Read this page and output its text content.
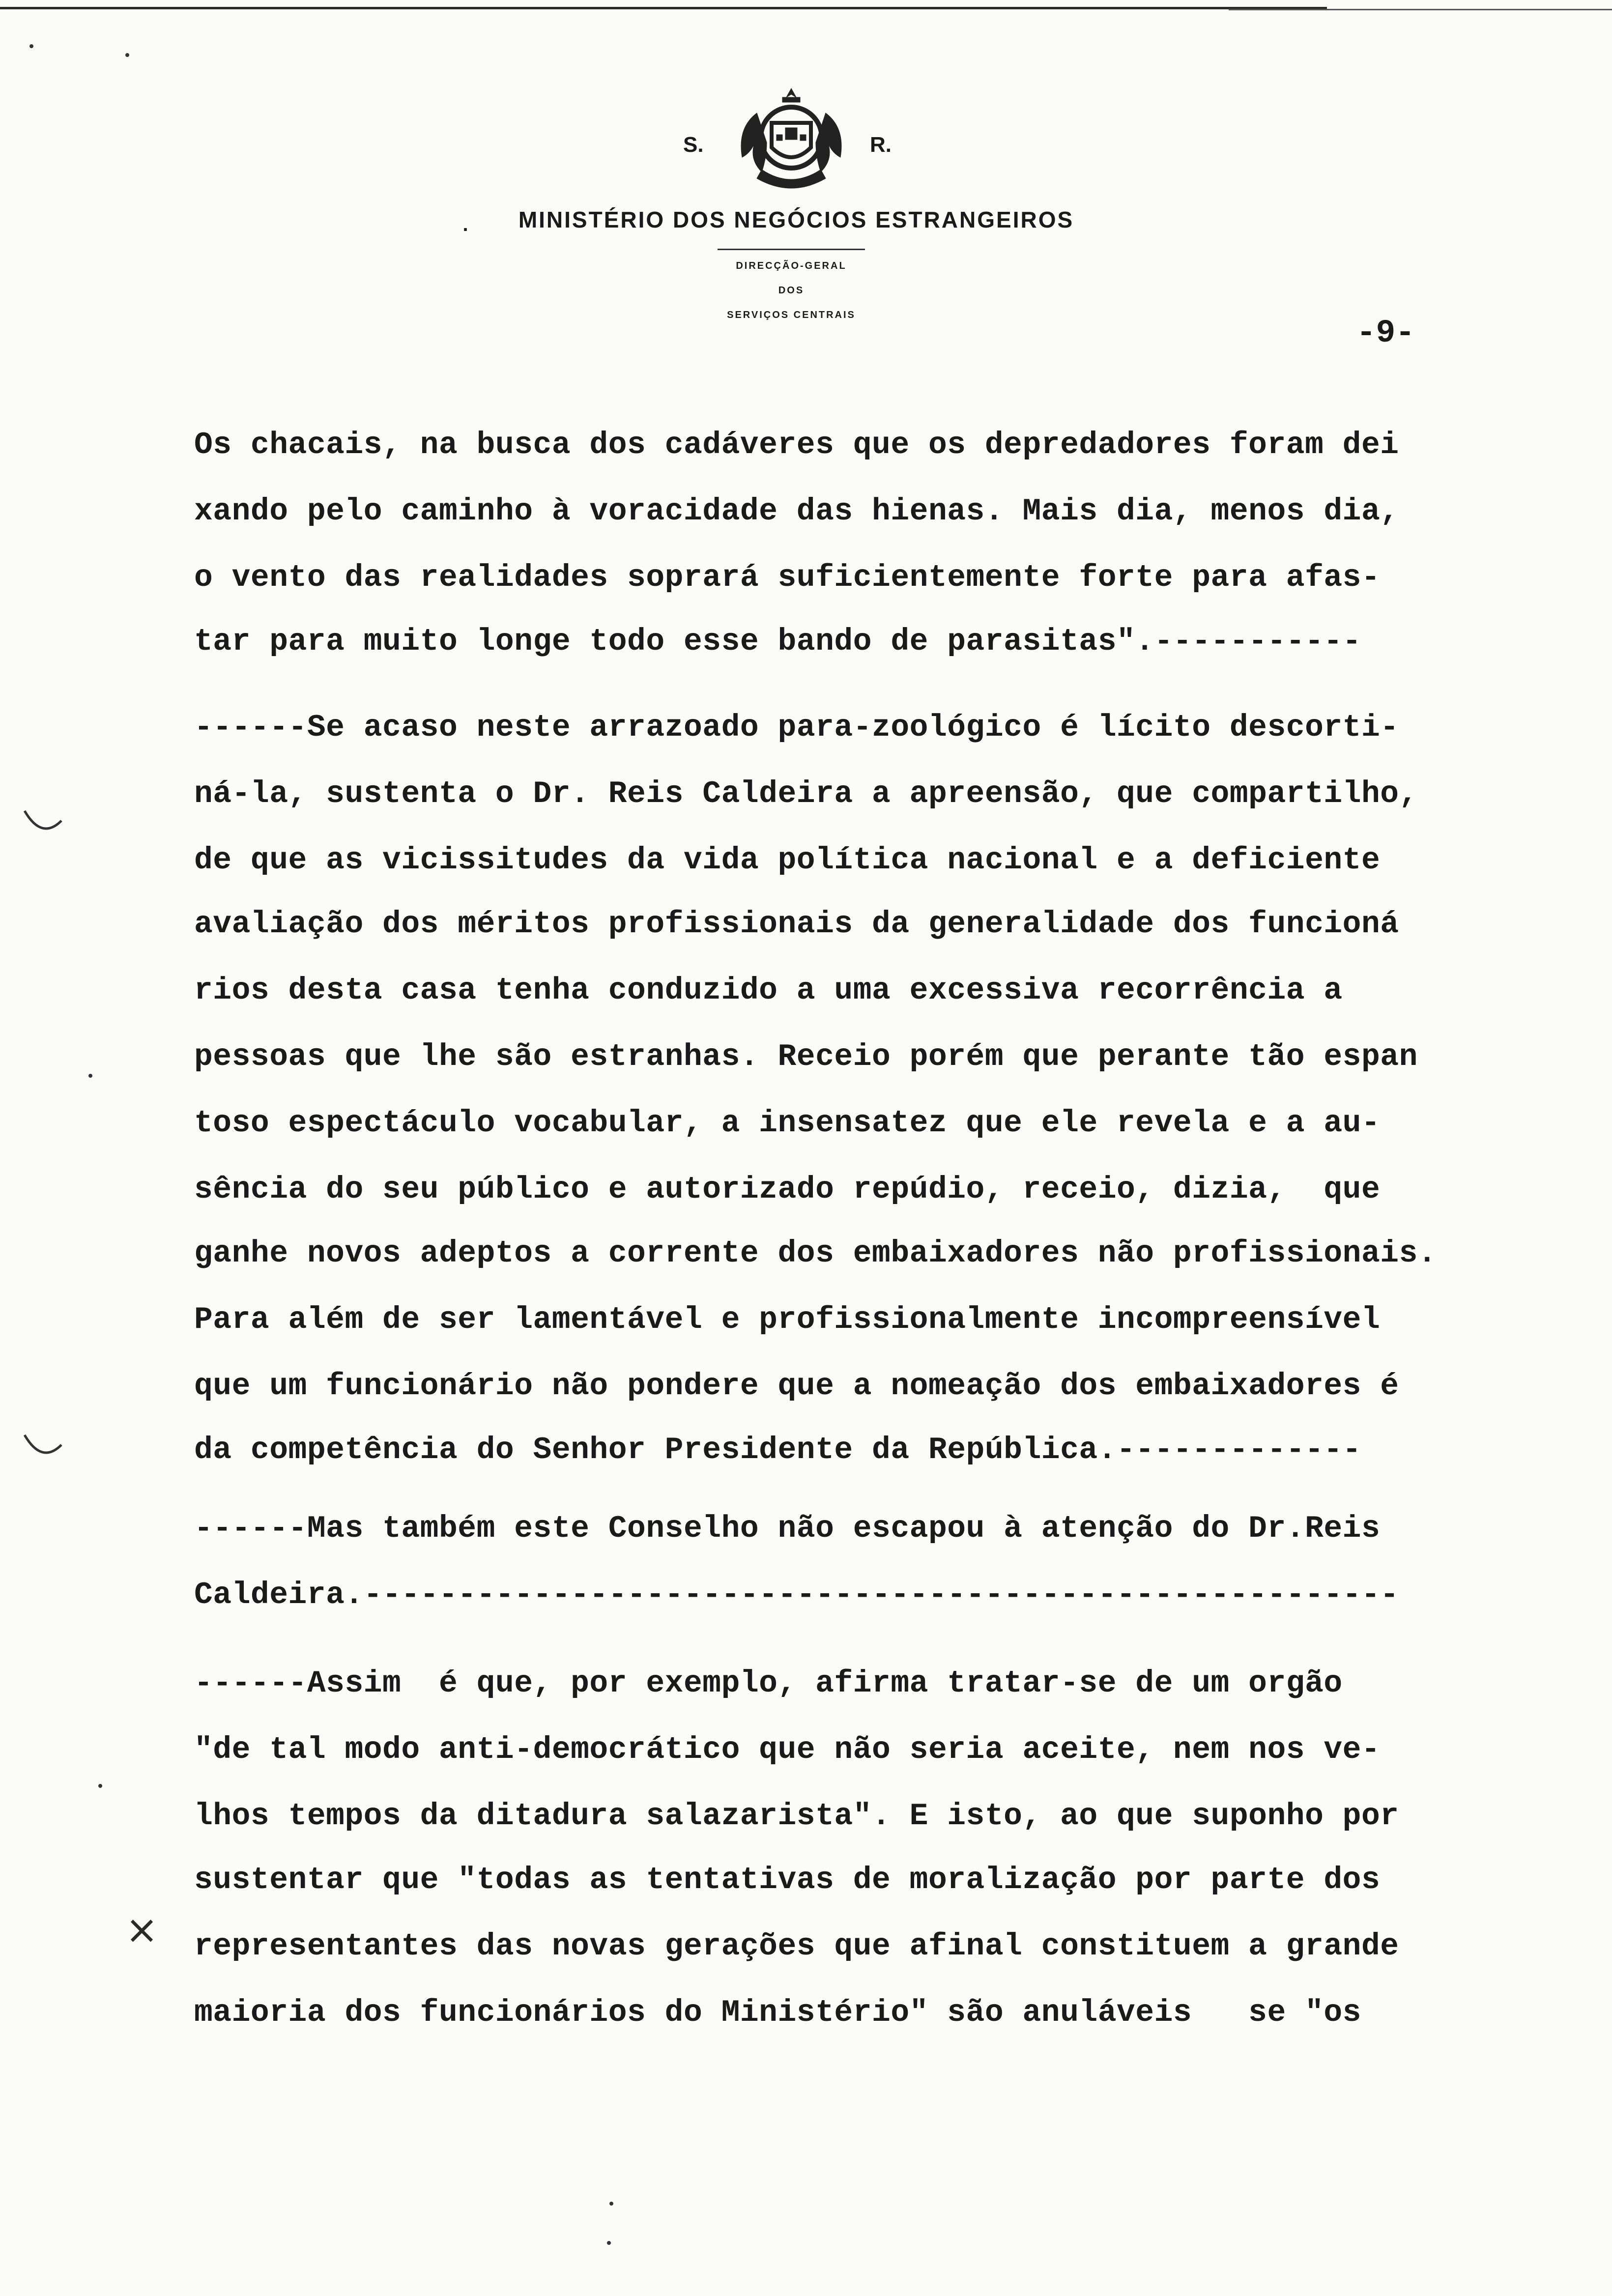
S.	R.
.	MINISTÉRIO DOS NEGÓCIOS ESTRANGEIROS
DIRECÇÃO-GERAL
DOS
SERVIÇOS CENTRAIS	-9-
Os chacais, na busca dos cadáveres que os depredadores foram dei
xando pelo caminho à voracidade das hienas. Mais dia, menos dia,
o vento das realidades soprará suficientemente forte para afas-
tar para muito longe todo esse bando de parasitas".-----------
------Se acaso neste arrazoado para-zoológico é lícito descorti-
ná-la, sustenta o Dr. Reis Caldeira a apreensão, que compartilho,
de que as vicissitudes da vida política nacional e a deficiente
avaliação dos méritos profissionais da generalidade dos funcioná
rios desta casa tenha conduzido a uma excessiva recorrência a
pessoas que lhe são estranhas. Receio porém que perante tão espan
toso espectáculo vocabular, a insensatez que ele revela e a au-
sência do seu público e autorizado repúdio, receio, dizia,  que
ganhe novos adeptos a corrente dos embaixadores não profissionais.
Para além de ser lamentável e profissionalmente incompreensível
que um funcionário não pondere que a nomeação dos embaixadores é
da competência do Senhor Presidente da República.-------------
------Mas também este Conselho não escapou à atenção do Dr.Reis
Caldeira.-------------------------------------------------------
------Assim  é que, por exemplo, afirma tratar-se de um orgão
"de tal modo anti-democrático que não seria aceite, nem nos ve-
lhos tempos da ditadura salazarista". E isto, ao que suponho por
sustentar que "todas as tentativas de moralização por parte dos
representantes das novas gerações que afinal constituem a grande
maioria dos funcionários do Ministério" são anuláveis   se "os
×
